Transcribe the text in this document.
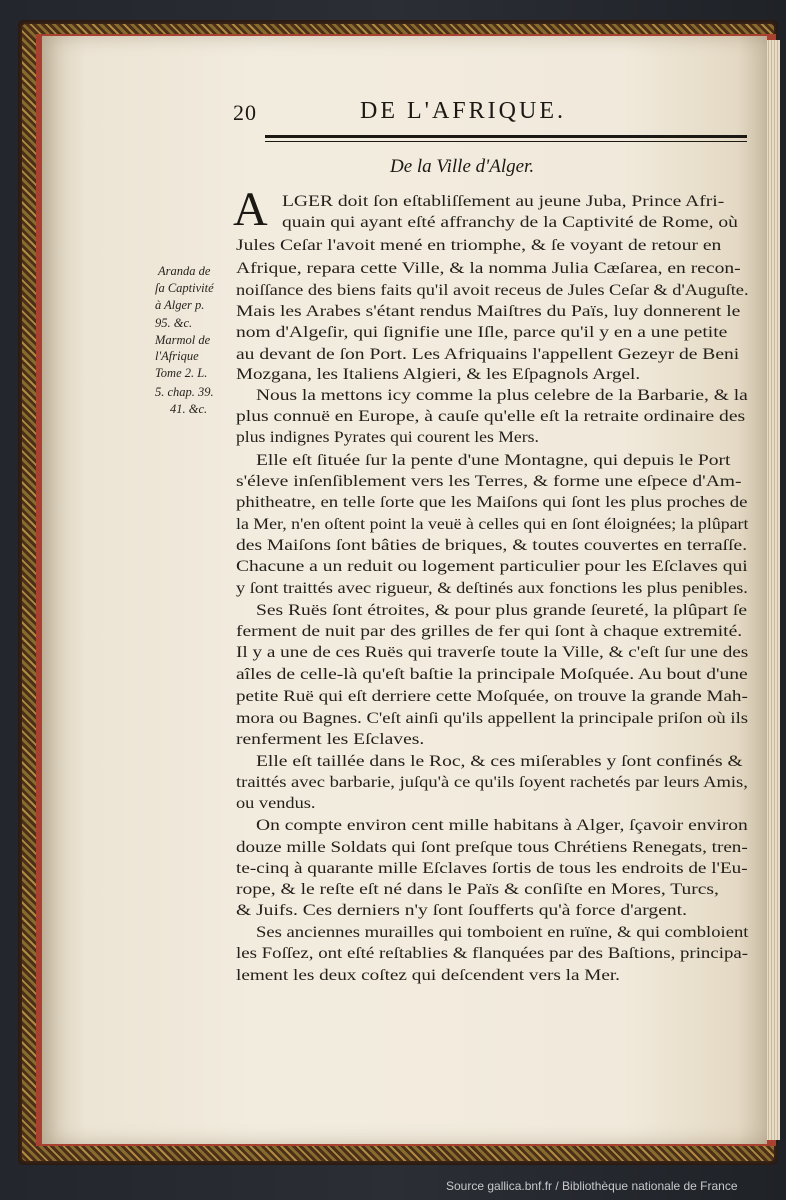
20	DE L'AFRIQUE.
De la Ville d'Alger.
A
Aranda de
ſa Captivité
à Alger p.
95. &c.
Marmol de
l'Afrique
Tome 2. L.
5. chap. 39.
41. &c.
LGER doit ſon eſtabliſſement au jeune Juba, Prince Afri-
quain qui ayant eſté affranchy de la Captivité de Rome, où
Jules Ceſar l'avoit mené en triomphe, & ſe voyant de retour en
Afrique, repara cette Ville, & la nomma Julia Cæſarea, en recon-
noiſſance des biens faits qu'il avoit receus de Jules Ceſar & d'Auguſte.
Mais les Arabes s'étant rendus Maiſtres du Païs, luy donnerent le
nom d'Algeſir, qui ſignifie une Iſle, parce qu'il y en a une petite
au devant de ſon Port. Les Afriquains l'appellent Gezeyr de Beni
Mozgana, les Italiens Algieri, & les Eſpagnols Argel.
Nous la mettons icy comme la plus celebre de la Barbarie, & la
plus connuë en Europe, à cauſe qu'elle eſt la retraite ordinaire des
plus indignes Pyrates qui courent les Mers.
Elle eſt ſituée ſur la pente d'une Montagne, qui depuis le Port
s'éleve inſenſiblement vers les Terres, & forme une eſpece d'Am-
phitheatre, en telle ſorte que les Maiſons qui ſont les plus proches de
la Mer, n'en oſtent point la veuë à celles qui en ſont éloignées; la plûpart
des Maiſons ſont bâties de briques, & toutes couvertes en terraſſe.
Chacune a un reduit ou logement particulier pour les Eſclaves qui
y ſont traittés avec rigueur, & deſtinés aux fonctions les plus penibles.
Ses Ruës ſont étroites, & pour plus grande ſeureté, la plûpart ſe
ferment de nuit par des grilles de fer qui ſont à chaque extremité.
Il y a une de ces Ruës qui traverſe toute la Ville, & c'eſt ſur une des
aîles de celle-là qu'eſt baſtie la principale Moſquée. Au bout d'une
petite Ruë qui eſt derriere cette Moſquée, on trouve la grande Mah-
mora ou Bagnes. C'eſt ainſi qu'ils appellent la principale priſon où ils
renferment les Eſclaves.
Elle eſt taillée dans le Roc, & ces miſerables y ſont confinés &
traittés avec barbarie, juſqu'à ce qu'ils ſoyent rachetés par leurs Amis,
ou vendus.
On compte environ cent mille habitans à Alger, ſçavoir environ
douze mille Soldats qui ſont preſque tous Chrétiens Renegats, tren-
te-cinq à quarante mille Eſclaves ſortis de tous les endroits de l'Eu-
rope, & le reſte eſt né dans le Païs & conſiſte en Mores, Turcs,
& Juifs. Ces derniers n'y ſont ſoufferts qu'à force d'argent.
Ses anciennes murailles qui tomboient en ruïne, & qui combloient
les Foſſez, ont eſté reſtablies & flanquées par des Baſtions, principa-
lement les deux coſtez qui deſcendent vers la Mer.
Source gallica.bnf.fr / Bibliothèque nationale de France
